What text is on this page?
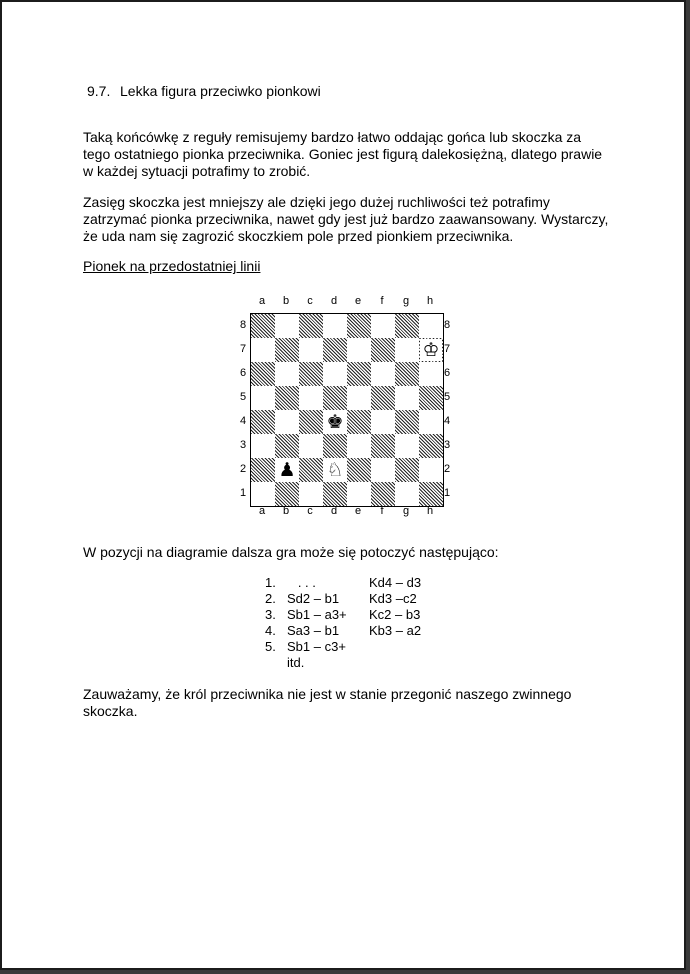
9.7. Lekka figura przeciwko pionkowi

Taką końcówkę z reguły remisujemy bardzo łatwo oddając gońca lub skoczka za
tego ostatniego pionka przeciwnika. Goniec jest figurą dalekosiężną, dlatego prawie
w każdej sytuacji potrafimy to zrobić.

Zasięg skoczka jest mniejszy ale dzięki jego dużej ruchliwości też potrafimy
zatrzymać pionka przeciwnika, nawet gdy jest już bardzo zaawansowany. Wystarczy,
że uda nam się zagrozić skoczkiem pole przed pionkiem przeciwnika.

Pionek na przedostatniej linii
a	b	c	d	e	f	g	h
8
7
6
5
4
3
2
1
♔
♚
♟ ♘
8
7
6
5
4
3
2
1
a	b	c	d	e	f	g	h
W pozycji na diagramie dalsza gra może się potoczyć następująco:
1.	. . .	Kd4 – d3
2.	Sd2 – b1	Kd3 –c2
3.	Sb1 – a3+	Kc2 – b3
4.	Sa3 – b1	Kb3 – a2
5.	Sb1 – c3+	
	itd.	

Zauważamy, że król przeciwnika nie jest w stanie przegonić naszego zwinnego
skoczka.
